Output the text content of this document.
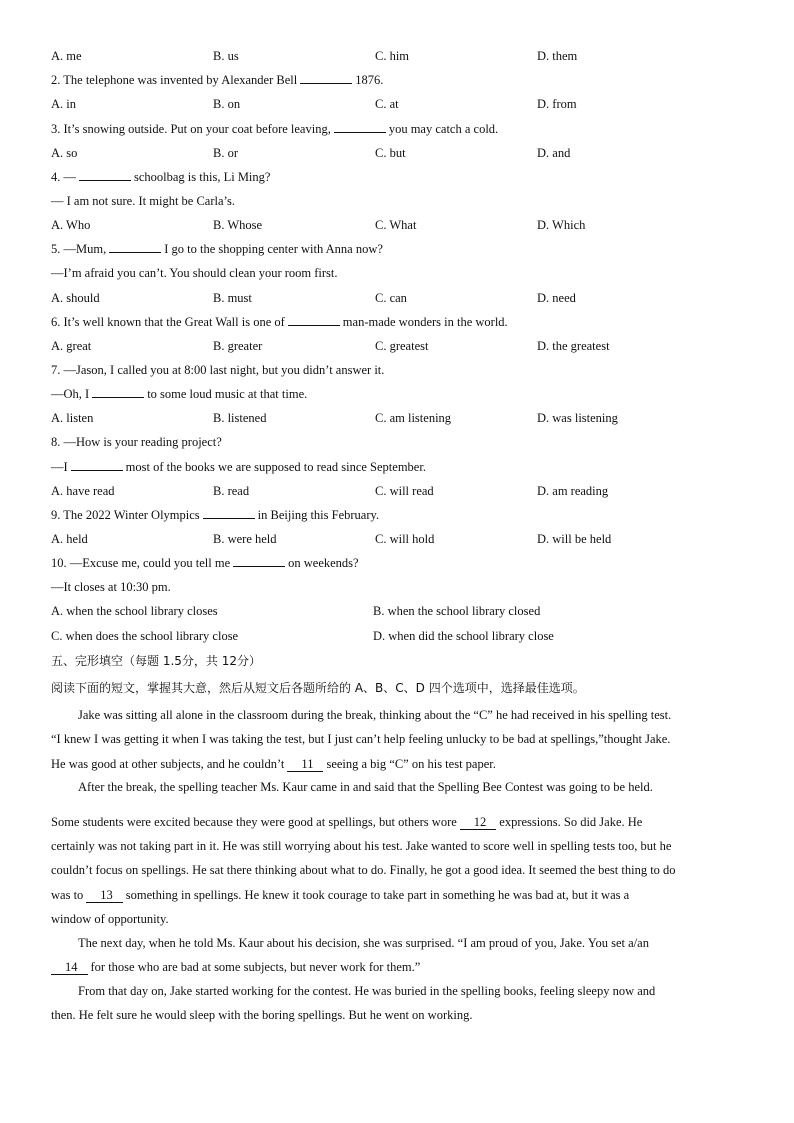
A. me	B. us	C. him	D. them
2. The telephone was invented by Alexander Bell	1876.
A. in	B. on	C. at	D. from
3. It’s snowing outside. Put on your coat before leaving,	you may catch a cold.
A. so	B. or	C. but	D. and
4. —	schoolbag is this, Li Ming?
— I am not sure. It might be Carla’s.
A. Who	B. Whose	C. What	D. Which
5. —Mum,	I go to the shopping center with Anna now?
—I’m afraid you can’t. You should clean your room first.
A. should	B. must	C. can	D. need
6. It’s well known that the Great Wall is one of	man-made wonders in the world.
A. great	B. greater	C. greatest	D. the greatest
7. —Jason, I called you at 8:00 last night, but you didn’t answer it.
—Oh, I	to some loud music at that time.
A. listen	B. listened	C. am listening	D. was listening
8. —How is your reading project?
—I	most of the books we are supposed to read since September.
A. have read	B. read	C. will read	D. am reading
9. The 2022 Winter Olympics	in Beijing this February.
A. held	B. were held	C. will hold	D. will be held
10. —Excuse me, could you tell me	on weekends?
—It closes at 10:30 pm.
A. when the school library closes	B. when the school library closed
C. when does the school library close	D. when did the school library close
五、完形填空（每题 1.5分，共 12分）
阅读下面的短文，掌握其大意，然后从短文后各题所给的 A、B、C、D 四个选项中，选择最佳选项。
Jake was sitting all alone in the classroom during the break, thinking about the “C” he had received in his spelling test.
“I knew I was getting it when I was taking the test, but I just can’t help feeling unlucky to be bad at spellings,”thought Jake.
He was good at other subjects, and he couldn’t 11 seeing a big “C” on his test paper.
After the break, the spelling teacher Ms. Kaur came in and said that the Spelling Bee Contest was going to be held.
Some students were excited because they were good at spellings, but others wore 12 expressions. So did Jake. He
certainly was not taking part in it. He was still worrying about his test. Jake wanted to score well in spelling tests too, but he
couldn’t focus on spellings. He sat there thinking about what to do. Finally, he got a good idea. It seemed the best thing to do
was to 13 something in spellings. He knew it took courage to take part in something he was bad at, but it was a
window of opportunity.
The next day, when he told Ms. Kaur about his decision, she was surprised. “I am proud of you, Jake. You set a/an
14 for those who are bad at some subjects, but never work for them.”
From that day on, Jake started working for the contest. He was buried in the spelling books, feeling sleepy now and
then. He felt sure he would sleep with the boring spellings. But he went on working.
